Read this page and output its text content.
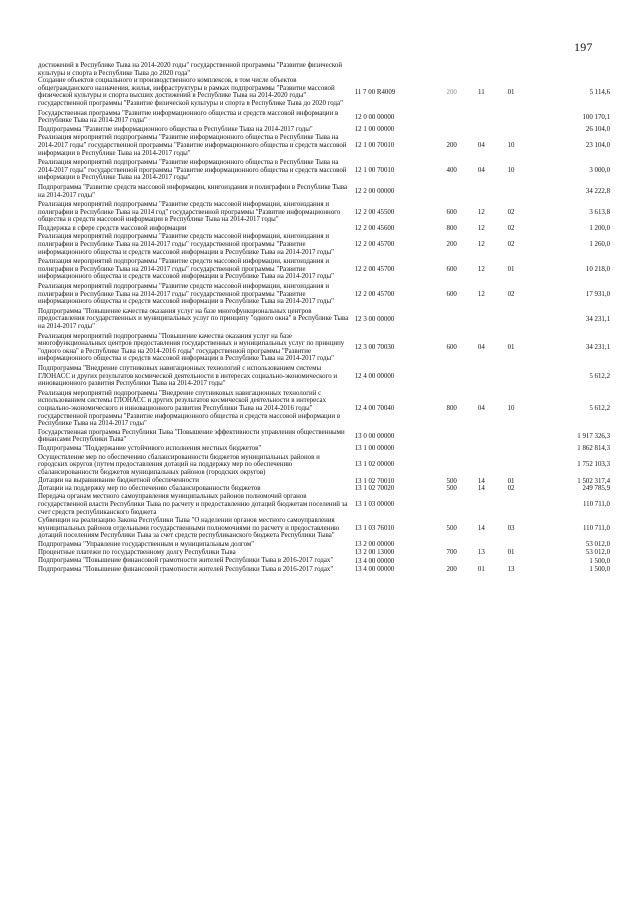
197
достижений в Республике Тыва на 2014-2020 годы" государственной программы "Развитие физической культуры и спорта в Республике Тыва до 2020 года"
Создание объектов социального и производственного комплексов, в том числе объектов общегражданского назначения, жилья, инфраструктуры в рамках подпрограммы "Развитие массовой физической культуры и спорта высших достижений в Республике Тыва на 2014-2020 годы" государственной программы "Развитие физической культуры и спорта в Республике Тыва до 2020 года"
11 7 00 R4009	200	11	01	5 114,6
Государственная программа "Развитие информационного общества и средств массовой информации в Республике Тыва на 2014-2017 годы"	12 0 00 00000	100 170,1
Подпрограмма "Развитие информационного общества в Республике Тыва на 2014-2017 годы"	12 1 00 00000	26 104,0
Реализация мероприятий подпрограммы "Развитие информационного общества в Республике Тыва на 2014-2017 годы" государственной программы "Развитие информационного общества и средств массовой информации в Республике Тыва на 2014-2017 годы"
12 1 00 70010	200	04	10	23 104,0
Реализация мероприятий подпрограммы "Развитие информационного общества в Республике Тыва на 2014-2017 годы" государственной программы "Развитие информационного общества и средств массовой информации в Республике Тыва на 2014-2017 годы"
12 1 00 70010	400	04	10	3 000,0
Подпрограмма "Развитие средств массовой информации, книгоиздания и полиграфии в Республике Тыва на 2014-2017 годы"	12 2 00 00000	34 222,8
Реализация мероприятий подпрограммы "Развитие средств массовой информации, книгоиздания и полиграфии в Республике Тыва на 2014 год" государственной программы "Развитие информационного общества и средств массовой информации в Республике Тыва на 2014-2017 годы"
12 2 00 45500	600	12	02	3 613,8
Поддержка в сфере средств массовой информации	12 2 00 45600	800	12	02	1 200,0
Реализация мероприятий подпрограммы "Развитие средств массовой информации, книгоиздания и полиграфии в Республике Тыва на 2014-2017 годы" государственной программы "Развитие информационного общества и средств массовой информации в Республике Тыва на 2014-2017 годы"
12 2 00 45700	200	12	02	1 260,0
Реализация мероприятий подпрограммы "Развитие средств массовой информации, книгоиздания и полиграфии в Республике Тыва на 2014-2017 годы" государственной программы "Развитие информационного общества и средств массовой информации в Республике Тыва на 2014-2017 годы"
12 2 00 45700	600	12	01	10 218,0
Реализация мероприятий подпрограммы "Развитие средств массовой информации, книгоиздания и полиграфии в Республике Тыва на 2014-2017 годы" государственной программы "Развитие информационного общества и средств массовой информации в Республике Тыва на 2014-2017 годы"
12 2 00 45700	600	12	02	17 931,0
Подпрограмма "Повышение качества оказания услуг на базе многофункциональных центров предоставления государственных и муниципальных услуг по принципу "одного окна" в Республике Тыва на 2014-2017 годы"
12 3 00 00000	34 231,1
Реализация мероприятий подпрограммы "Повышение качества оказания услуг на базе многофункциональных центров предоставления государственных и муниципальных услуг по принципу "одного окна" в Республике Тыва на 2014-2016 годы" государственной программы "Развитие информационного общества и средств массовой информации в Республике Тыва на 2014-2017 годы"
12 3 00 70030	600	04	01	34 231,1
Подпрограмма "Внедрение спутниковых навигационных технологий с использованием системы ГЛОНАСС и других результатов космической деятельности в интересах социально-экономического и инновационного развития Республики Тыва на 2014-2017 годы"
12 4 00 00000	5 612,2
Реализация мероприятий подпрограммы "Внедрение спутниковых навигационных технологий с использованием системы ГЛОНАСС и других результатов космической деятельности в интересах социально-экономического и инновационного развития Республики Тыва на 2014-2016 годы" государственной программы "Развитие информационного общества и средств массовой информации в Республике Тыва на 2014-2017 годы"
12 4 00 70040	800	04	10	5 612,2
Государственная программа Республики Тыва "Повышение эффективности управления общественными финансами Республики Тыва"	13 0 00 00000	1 917 326,3
Подпрограмма "Поддержание устойчивого исполнения местных бюджетов"	13 1 00 00000	1 862 814,3
Осуществление мер по обеспечению сбалансированности бюджетов муниципальных районов и городских округов (путем предоставления дотаций на поддержку мер по обеспечению сбалансированности бюджетов муниципальных районов (городских округов)
13 1 02 00000	1 752 103,3
Дотации на выравнивание бюджетной обеспеченности	13 1 02 70010	500	14	01	1 502 317,4
Дотации на поддержку мер по обеспечению сбалансированности бюджетов	13 1 02 70020	500	14	02	249 785,9
Передача органам местного самоуправления муниципальных районов полномочий органов государственной власти Республики Тыва по расчету и предоставлению дотаций бюджетам поселений за счет средств республиканского бюджета
13 1 03 00000	110 711,0
Субвенции на реализацию Закона Республики Тыва "О наделении органов местного самоуправления муниципальных районов отдельными государственными полномочиями по расчету и предоставлению дотаций поселениям Республики Тыва за счет средств республиканского бюджета Республики Тыва"
13 1 03 76010	500	14	03	110 711,0
Подпрограмма "Управление государственным и муниципальным долгом"	13 2 00 00000	53 012,0
Процентные платежи по государственному долгу Республики Тыва	13 2 00 13000	700	13	01	53 012,0
Подпрограмма "Повышение финансовой грамотности жителей Республики Тыва в 2016-2017 годах"	13 4 00 00000	1 500,0
Подпрограмма "Повышение финансовой грамотности жителей Республики Тыва в 2016-2017 годах"	13 4 00 00000	200	01	13	1 500,0
